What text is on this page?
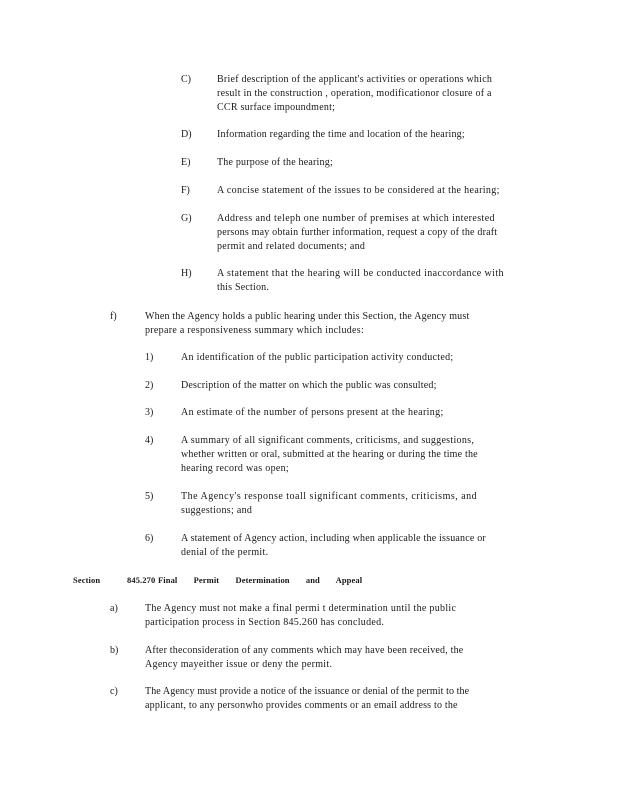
C)	Brief description of the applicant's activities or operations which
result in the construction , operation, modificationor closure of a
CCR surface impoundment;
D)	Information regarding the time and location of the hearing;
E)	The purpose of the hearing;
F)	A concise statement of the issues to be considered at the hearing;
G)	Address and teleph one number of premises at which interested
persons may obtain further information, request a copy of the draft
permit and related documents; and
H)	A statement that the hearing will be conducted inaccordance with
this Section.
f)	When the Agency holds a public hearing under this Section, the Agency must
prepare a responsiveness summary which includes:
1)	An identification of the public participation activity conducted;
2)	Description of the matter on which the public was consulted;
3)	An estimate of the number of persons present at the hearing;
4)	A summary of all significant comments, criticisms, and suggestions,
whether written or oral, submitted at the hearing or during the time the
hearing record was open;
5)	The Agency's response toall significant comments, criticisms, and
suggestions; and
6)	A statement of Agency action, including when applicable the issuance or
denial of the permit.
Section	845.270 Final Permit Determination and Appeal
a)	The Agency must not make a final permi t determination until the public
participation process in Section 845.260 has concluded.
b)	After theconsideration of any comments which may have been received, the
Agency mayeither issue or deny the permit.
c)	The Agency must provide a notice of the issuance or denial of the permit to the
applicant, to any personwho provides comments or an email address to the
